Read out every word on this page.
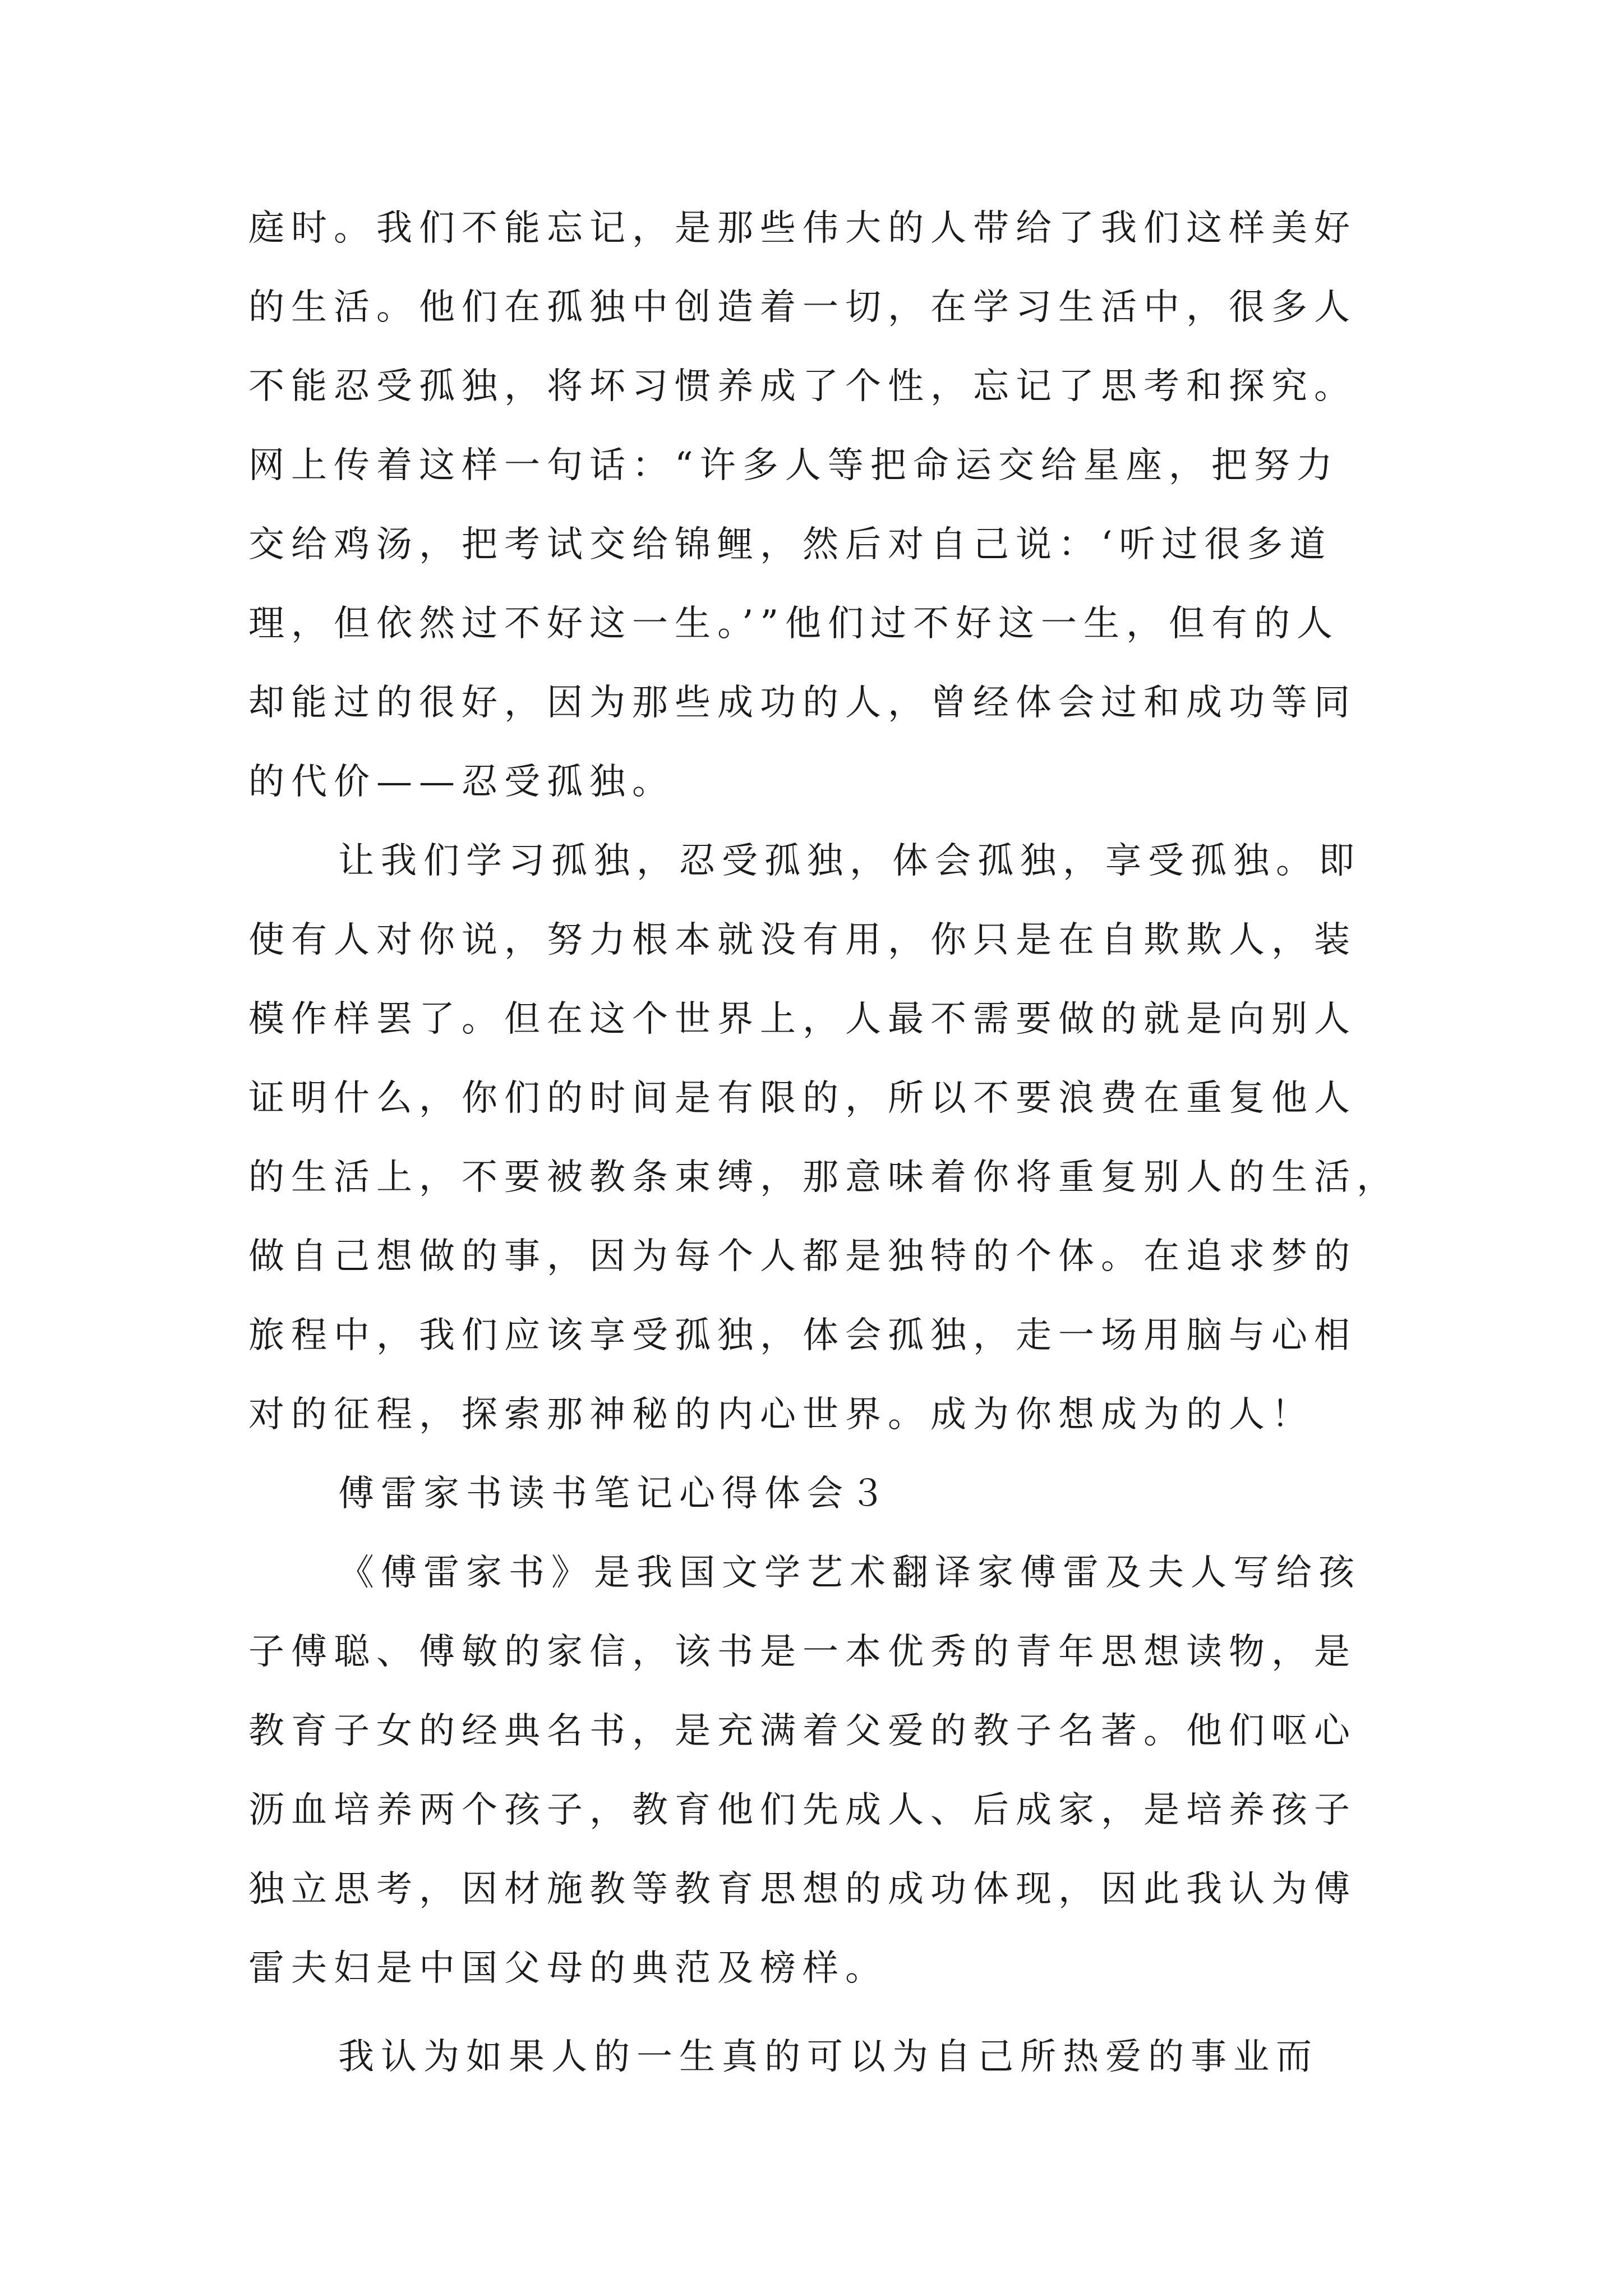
庭时。我们不能忘记，是那些伟大的人带给了我们这样美好
的生活。他们在孤独中创造着一切，在学习生活中，很多人
不能忍受孤独，将坏习惯养成了个性，忘记了思考和探究。
网上传着这样一句话：“许多人等把命运交给星座，把努力
交给鸡汤，把考试交给锦鲤，然后对自己说：‘听过很多道
理，但依然过不好这一生。’”他们过不好这一生，但有的人
却能过的很好，因为那些成功的人，曾经体会过和成功等同
的代价——忍受孤独。
让我们学习孤独，忍受孤独，体会孤独，享受孤独。即
使有人对你说，努力根本就没有用，你只是在自欺欺人，装
模作样罢了。但在这个世界上，人最不需要做的就是向别人
证明什么，你们的时间是有限的，所以不要浪费在重复他人
的生活上，不要被教条束缚，那意味着你将重复别人的生活，
做自己想做的事，因为每个人都是独特的个体。在追求梦的
旅程中，我们应该享受孤独，体会孤独，走一场用脑与心相
对的征程，探索那神秘的内心世界。成为你想成为的人！
傅雷家书读书笔记心得体会３
《傅雷家书》是我国文学艺术翻译家傅雷及夫人写给孩
子傅聪、傅敏的家信，该书是一本优秀的青年思想读物，是
教育子女的经典名书，是充满着父爱的教子名著。他们呕心
沥血培养两个孩子，教育他们先成人、后成家，是培养孩子
独立思考，因材施教等教育思想的成功体现，因此我认为傅
雷夫妇是中国父母的典范及榜样。
我认为如果人的一生真的可以为自己所热爱的事业而
